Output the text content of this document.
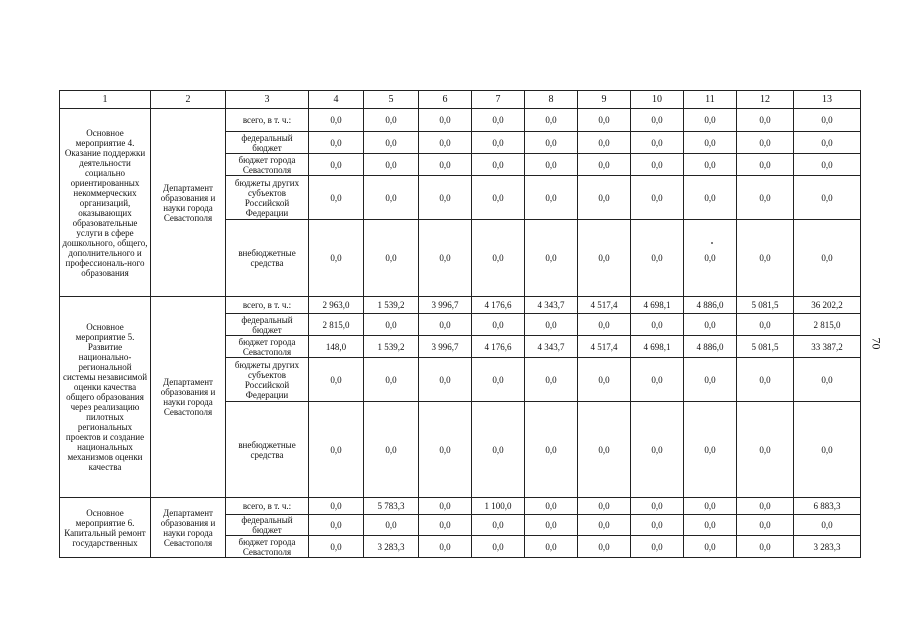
1	2	3	4	5	6	7	8	9	10	11	12	13
Основное мероприятие 4. Оказание поддержки деятельности социально ориентированных некоммерческих организаций, оказывающих образовательные услуги в сфере дошкольного, общего, дополнительного и профессиональ-ного образования	Департамент образования и науки города Севастополя	всего, в т. ч.:	0,0	0,0	0,0	0,0	0,0	0,0	0,0	0,0	0,0	0,0
		федеральный бюджет	0,0	0,0	0,0	0,0	0,0	0,0	0,0	0,0	0,0	0,0
		бюджет города Севастополя	0,0	0,0	0,0	0,0	0,0	0,0	0,0	0,0	0,0	0,0
		бюджеты других субъектов Российской Федерации	0,0	0,0	0,0	0,0	0,0	0,0	0,0	0,0	0,0	0,0
		внебюджетные средства	0,0	0,0	0,0	0,0	0,0	0,0	0,0	0,0	0,0	0,0
Основное мероприятие 5. Развитие национально-региональной системы независимой оценки качества общего образования через реализацию пилотных региональных проектов и создание национальных механизмов оценки качества	Департамент образования и науки города Севастополя	всего, в т. ч.:	2 963,0	1 539,2	3 996,7	4 176,6	4 343,7	4 517,4	4 698,1	4 886,0	5 081,5	36 202,2
		федеральный бюджет	2 815,0	0,0	0,0	0,0	0,0	0,0	0,0	0,0	0,0	2 815,0
		бюджет города Севастополя	148,0	1 539,2	3 996,7	4 176,6	4 343,7	4 517,4	4 698,1	4 886,0	5 081,5	33 387,2
		бюджеты других субъектов Российской Федерации	0,0	0,0	0,0	0,0	0,0	0,0	0,0	0,0	0,0	0,0
		внебюджетные средства	0,0	0,0	0,0	0,0	0,0	0,0	0,0	0,0	0,0	0,0
Основное мероприятие 6. Капитальный ремонт государственных	Департамент образования и науки города Севастополя	всего, в т. ч.:	0,0	5 783,3	0,0	1 100,0	0,0	0,0	0,0	0,0	0,0	6 883,3
		федеральный бюджет	0,0	0,0	0,0	0,0	0,0	0,0	0,0	0,0	0,0	0,0
		бюджет города Севастополя	0,0	3 283,3	0,0	0,0	0,0	0,0	0,0	0,0	0,0	3 283,3
70
